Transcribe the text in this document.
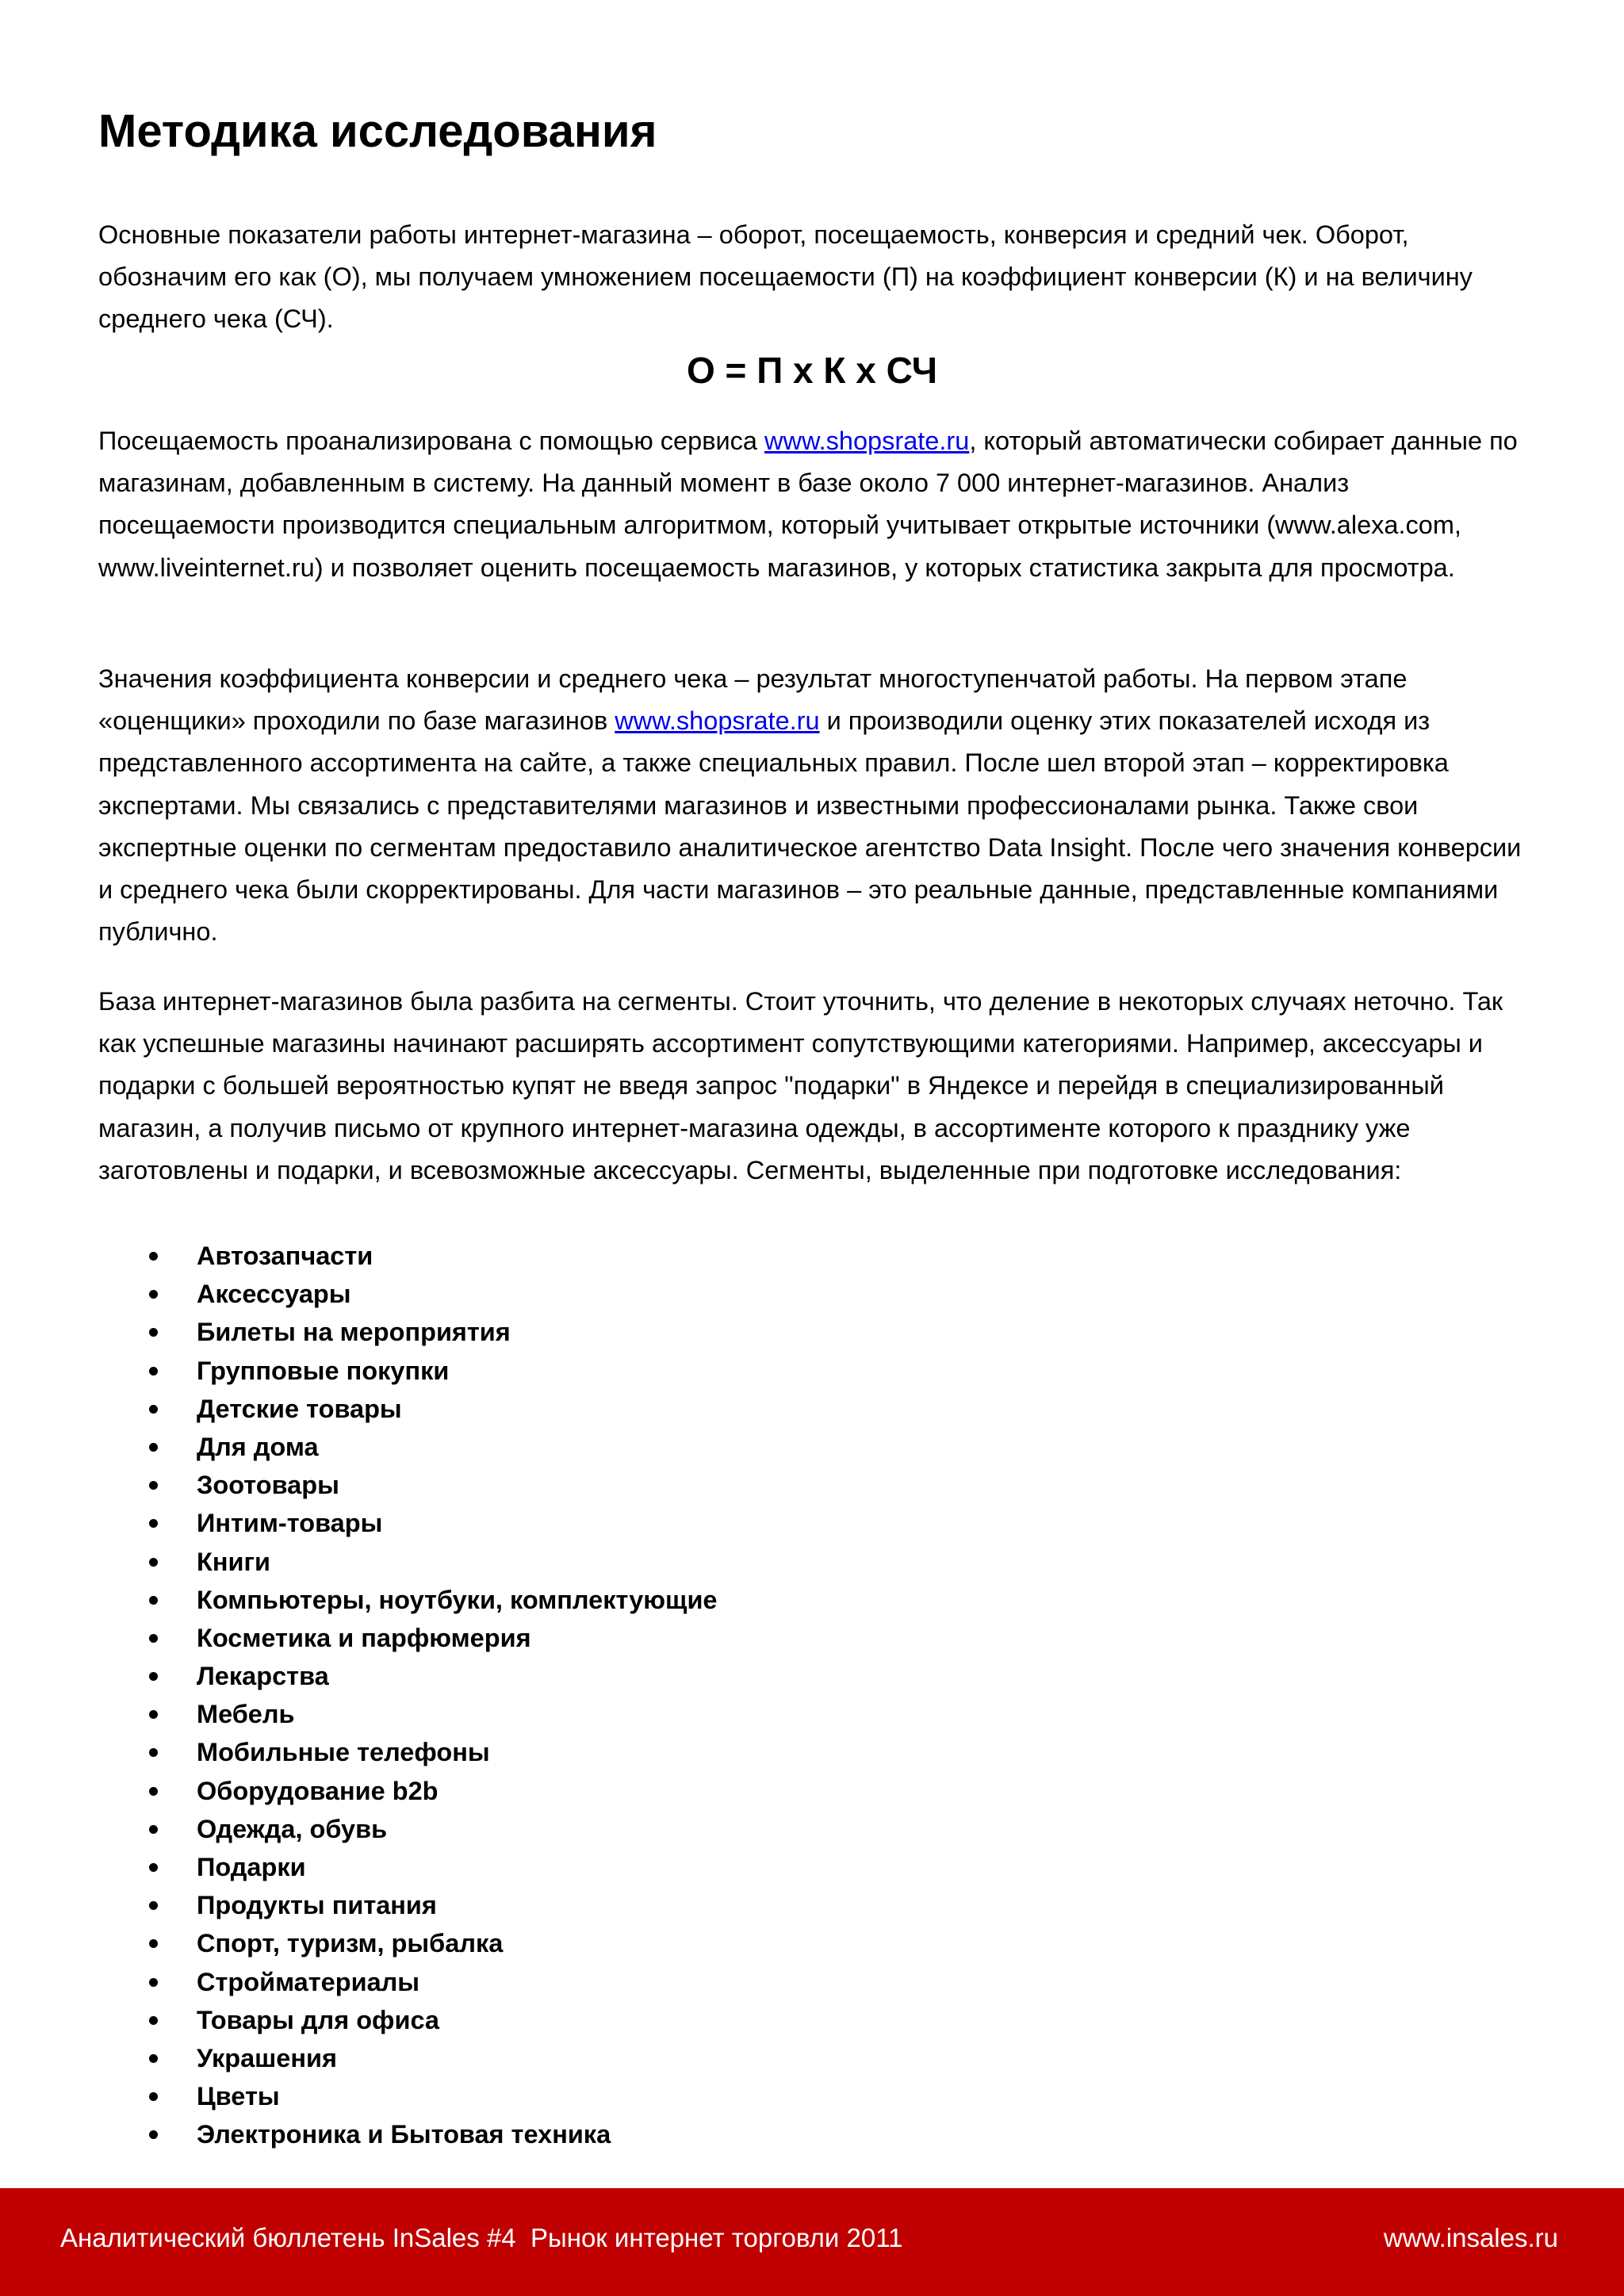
Методика исследования

Основные показатели работы интернет-магазина – оборот, посещаемость, конверсия и средний чек. Оборот, обозначим его как (О), мы получаем умножением посещаемости (П) на коэффициент конверсии (К) и на величину среднего чека (СЧ).

О = П x К x СЧ

Посещаемость проанализирована с помощью сервиса www.shopsrate.ru, который автоматически собирает данные по магазинам, добавленным в систему. На данный момент в базе около 7 000 интернет-магазинов. Анализ посещаемости производится специальным алгоритмом, который учитывает открытые источники (www.alexa.com, www.liveinternet.ru) и позволяет оценить посещаемость магазинов, у которых статистика закрыта для просмотра.

Значения коэффициента конверсии и среднего чека – результат многоступенчатой работы. На первом этапе «оценщики» проходили по базе магазинов www.shopsrate.ru и производили оценку этих показателей исходя из представленного ассортимента на сайте, а также специальных правил. После шел второй этап – корректировка экспертами. Мы связались с представителями магазинов и известными профессионалами рынка. Также свои экспертные оценки по сегментам предоставило аналитическое агентство Data Insight. После чего значения конверсии и среднего чека были скорректированы. Для части магазинов – это реальные данные, представленные компаниями публично.

База интернет-магазинов была разбита на сегменты. Стоит уточнить, что деление в некоторых случаях неточно. Так как успешные магазины начинают расширять ассортимент сопутствующими категориями. Например, аксессуары и подарки с большей вероятностью купят не введя запрос "подарки" в Яндексе и перейдя в специализированный магазин, а получив письмо от крупного интернет-магазина одежды, в ассортименте которого к празднику уже заготовлены и подарки, и всевозможные аксессуары. Сегменты, выделенные при подготовке исследования:

Автозапчасти
Аксессуары
Билеты на мероприятия
Групповые покупки
Детские товары
Для дома
Зоотовары
Интим-товары
Книги
Компьютеры, ноутбуки, комплектующие
Косметика и парфюмерия
Лекарства
Мебель
Мобильные телефоны
Оборудование b2b
Одежда, обувь
Подарки
Продукты питания
Спорт, туризм, рыбалка
Стройматериалы
Товары для офиса
Украшения
Цветы
Электроника и Бытовая техника
Аналитический бюллетень InSales #4  Рынок интернет торговли 2011	www.insales.ru
